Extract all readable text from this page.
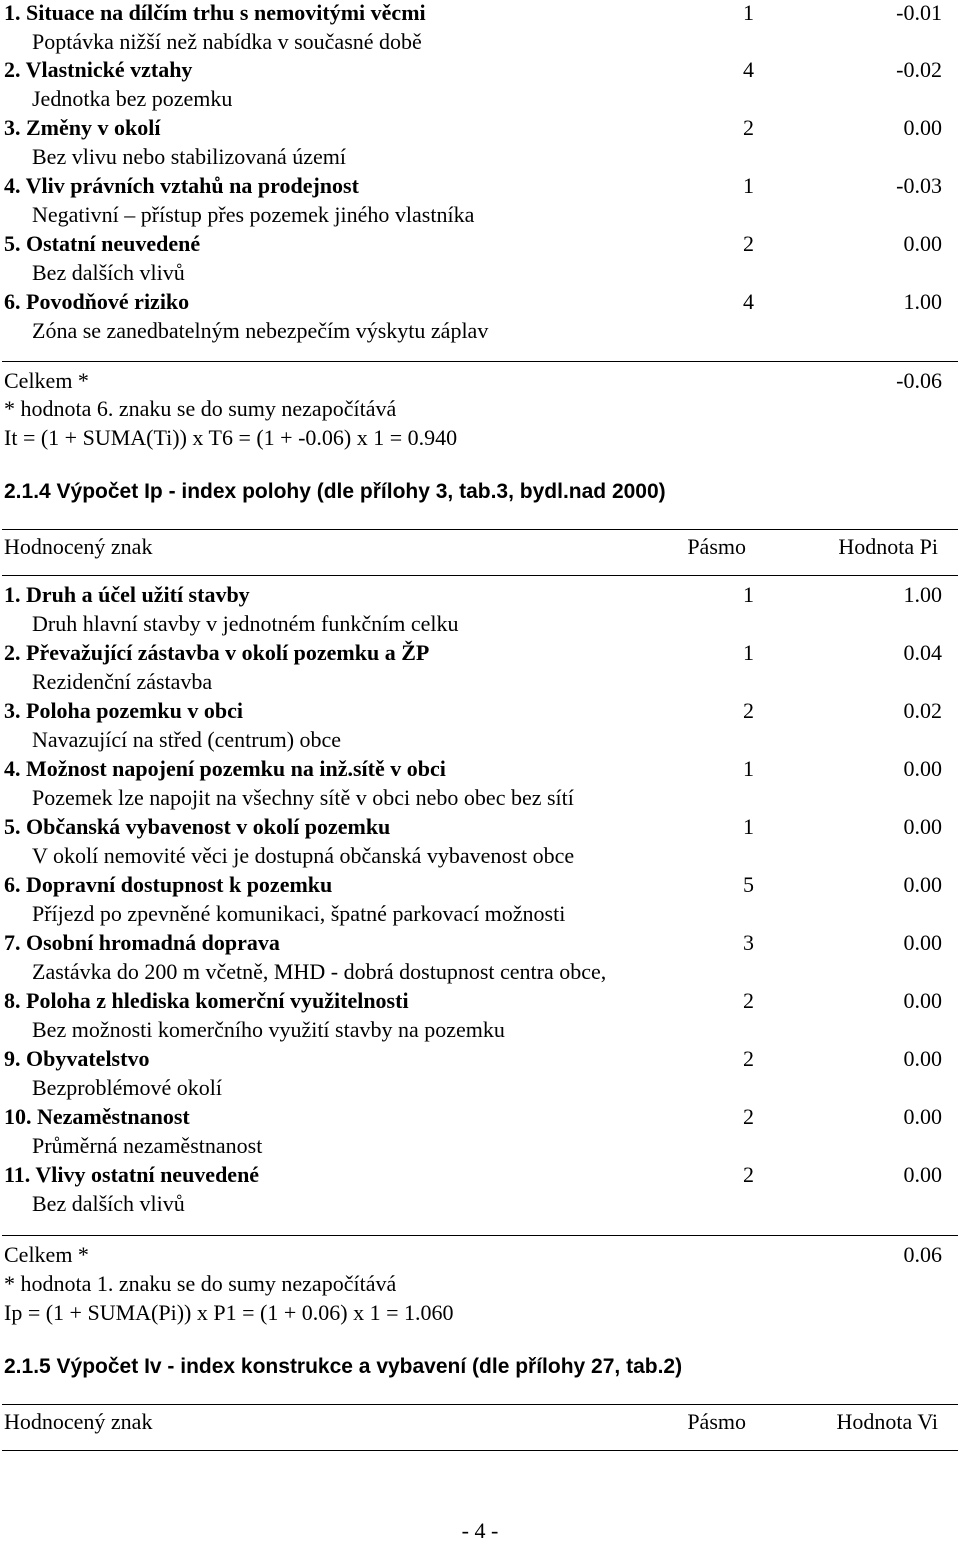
1. Situace na dílčím trhu s nemovitými věcmi	1	-0.01
Poptávka nižší než nabídka v současné době
2. Vlastnické vztahy	4	-0.02
Jednotka bez pozemku
3. Změny v okolí	2	0.00
Bez vlivu nebo stabilizovaná území
4. Vliv právních vztahů na prodejnost	1	-0.03
Negativní – přístup přes pozemek jiného vlastníka
5. Ostatní neuvedené	2	0.00
Bez dalších vlivů
6. Povodňové riziko	4	1.00
Zóna se zanedbatelným nebezpečím výskytu záplav
Celkem *	-0.06
* hodnota 6. znaku se do sumy nezapočítává
It = (1 + SUMA(Ti)) x T6 = (1 + -0.06) x 1 = 0.940
2.1.4 Výpočet Ip - index polohy (dle přílohy 3, tab.3, bydl.nad 2000)
Hodnocený znak	Pásmo	Hodnota Pi
1. Druh a účel užití stavby	1	1.00
Druh hlavní stavby v jednotném funkčním celku
2. Převažující zástavba v okolí pozemku a ŽP	1	0.04
Rezidenční zástavba
3. Poloha pozemku v obci	2	0.02
Navazující na střed (centrum) obce
4. Možnost napojení pozemku na inž.sítě v obci	1	0.00
Pozemek lze napojit na všechny sítě v obci nebo obec bez sítí
5. Občanská vybavenost v okolí pozemku	1	0.00
V okolí nemovité věci je dostupná občanská vybavenost obce
6. Dopravní dostupnost k pozemku	5	0.00
Příjezd po zpevněné komunikaci, špatné parkovací možnosti
7. Osobní hromadná doprava	3	0.00
Zastávka do 200 m včetně, MHD - dobrá dostupnost centra obce,
8. Poloha z hlediska komerční využitelnosti	2	0.00
Bez možnosti komerčního využití stavby na pozemku
9. Obyvatelstvo	2	0.00
Bezproblémové okolí
10. Nezaměstnanost	2	0.00
Průměrná nezaměstnanost
11. Vlivy ostatní neuvedené	2	0.00
Bez dalších vlivů
Celkem *	0.06
* hodnota 1. znaku se do sumy nezapočítává
Ip = (1 + SUMA(Pi)) x P1 = (1 + 0.06) x 1 = 1.060
2.1.5 Výpočet Iv - index konstrukce a vybavení (dle přílohy 27, tab.2)
Hodnocený znak	Pásmo	Hodnota Vi
- 4 -
